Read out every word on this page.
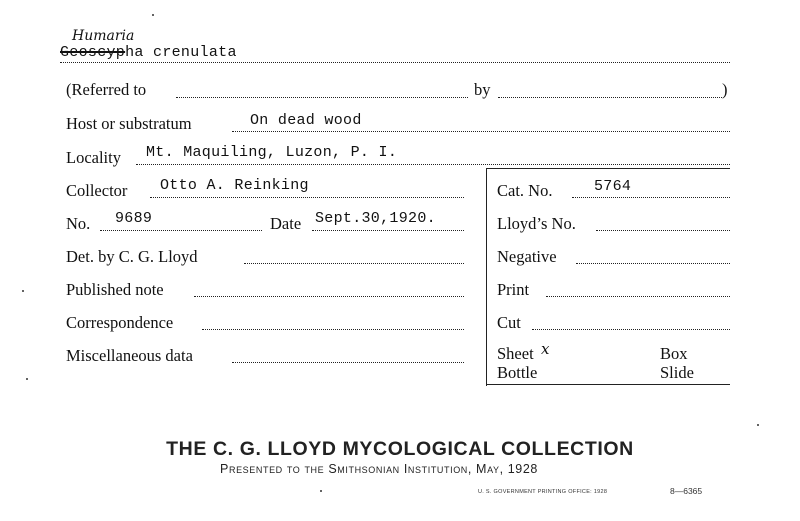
Humaria
Geoscypha crenulata
(Referred to	by	)
Host or substratum	On dead wood
Locality Mt. Maquiling, Luzon, P. I.
Collector Otto A. Reinking
No. 9689	Date Sept.30,1920.
Det. by C. G. Lloyd
Published note
Correspondence
Miscellaneous data
Cat. No.	5764
Lloyd’s No.
Negative
Print
Cut
Sheet x	Box
Bottle	Slide
THE C. G. LLOYD MYCOLOGICAL COLLECTION
Presented to the Smithsonian Institution, May, 1928
U. S. GOVERNMENT PRINTING OFFICE: 1928	8—6365
